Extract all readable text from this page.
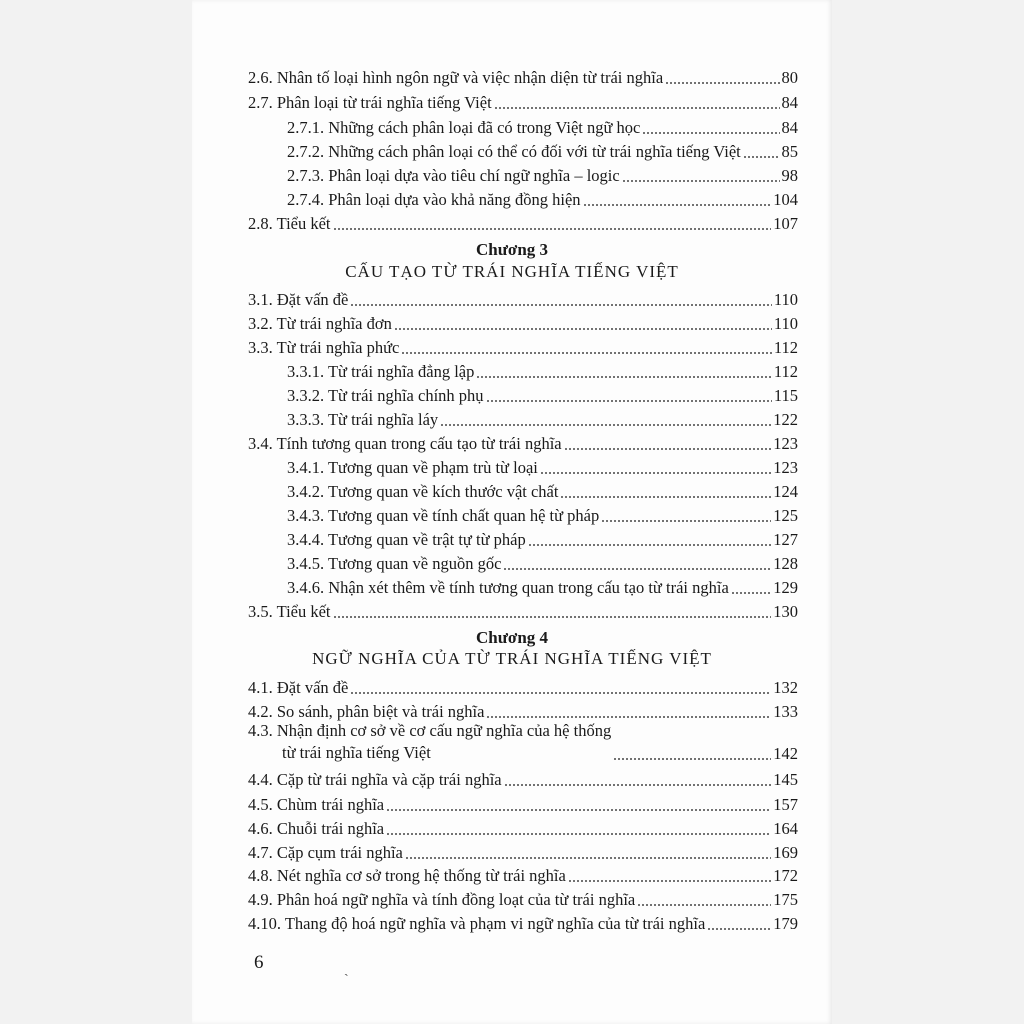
2.6. Nhân tố loại hình ngôn ngữ và việc nhận diện từ trái nghĩa	80
2.7. Phân loại từ trái nghĩa tiếng Việt	84
2.7.1. Những cách phân loại đã có trong Việt ngữ học	84
2.7.2. Những cách phân loại có thể có đối với từ trái nghĩa tiếng Việt 85
2.7.3. Phân loại dựa vào tiêu chí ngữ nghĩa – logic	98
2.7.4. Phân loại dựa vào khả năng đồng hiện	104
2.8. Tiểu kết	107
Chương 3
CẤU TẠO TỪ TRÁI NGHĨA TIẾNG VIỆT
3.1. Đặt vấn đề	110
3.2. Từ trái nghĩa đơn	110
3.3. Từ trái nghĩa phức	112
3.3.1. Từ trái nghĩa đẳng lập	112
3.3.2. Từ trái nghĩa chính phụ	115
3.3.3. Từ trái nghĩa láy	122
3.4. Tính tương quan trong cấu tạo từ trái nghĩa	123
3.4.1. Tương quan về phạm trù từ loại	123
3.4.2. Tương quan về kích thước vật chất	124
3.4.3. Tương quan về tính chất quan hệ từ pháp	125
3.4.4. Tương quan về trật tự từ pháp	127
3.4.5. Tương quan về nguồn gốc	128
3.4.6. Nhận xét thêm về tính tương quan trong cấu tạo từ trái nghĩa	129
3.5. Tiểu kết	130
Chương 4
NGỮ NGHĨA CỦA TỪ TRÁI NGHĨA TIẾNG VIỆT
4.1. Đặt vấn đề	132
4.2. So sánh, phân biệt và trái nghĩa	133
4.3. Nhận định cơ sở về cơ cấu ngữ nghĩa của hệ thống
từ trái nghĩa tiếng Việt	142
4.4. Cặp từ trái nghĩa và cặp trái nghĩa	145
4.5. Chùm trái nghĩa	157
4.6. Chuỗi trái nghĩa	164
4.7. Cặp cụm trái nghĩa	169
4.8. Nét nghĩa cơ sở trong hệ thống từ trái nghĩa	172
4.9. Phân hoá ngữ nghĩa và tính đồng loạt của từ trái nghĩa	175
4.10. Thang độ hoá ngữ nghĩa và phạm vi ngữ nghĩa của từ trái nghĩa	179
6	ˎ
